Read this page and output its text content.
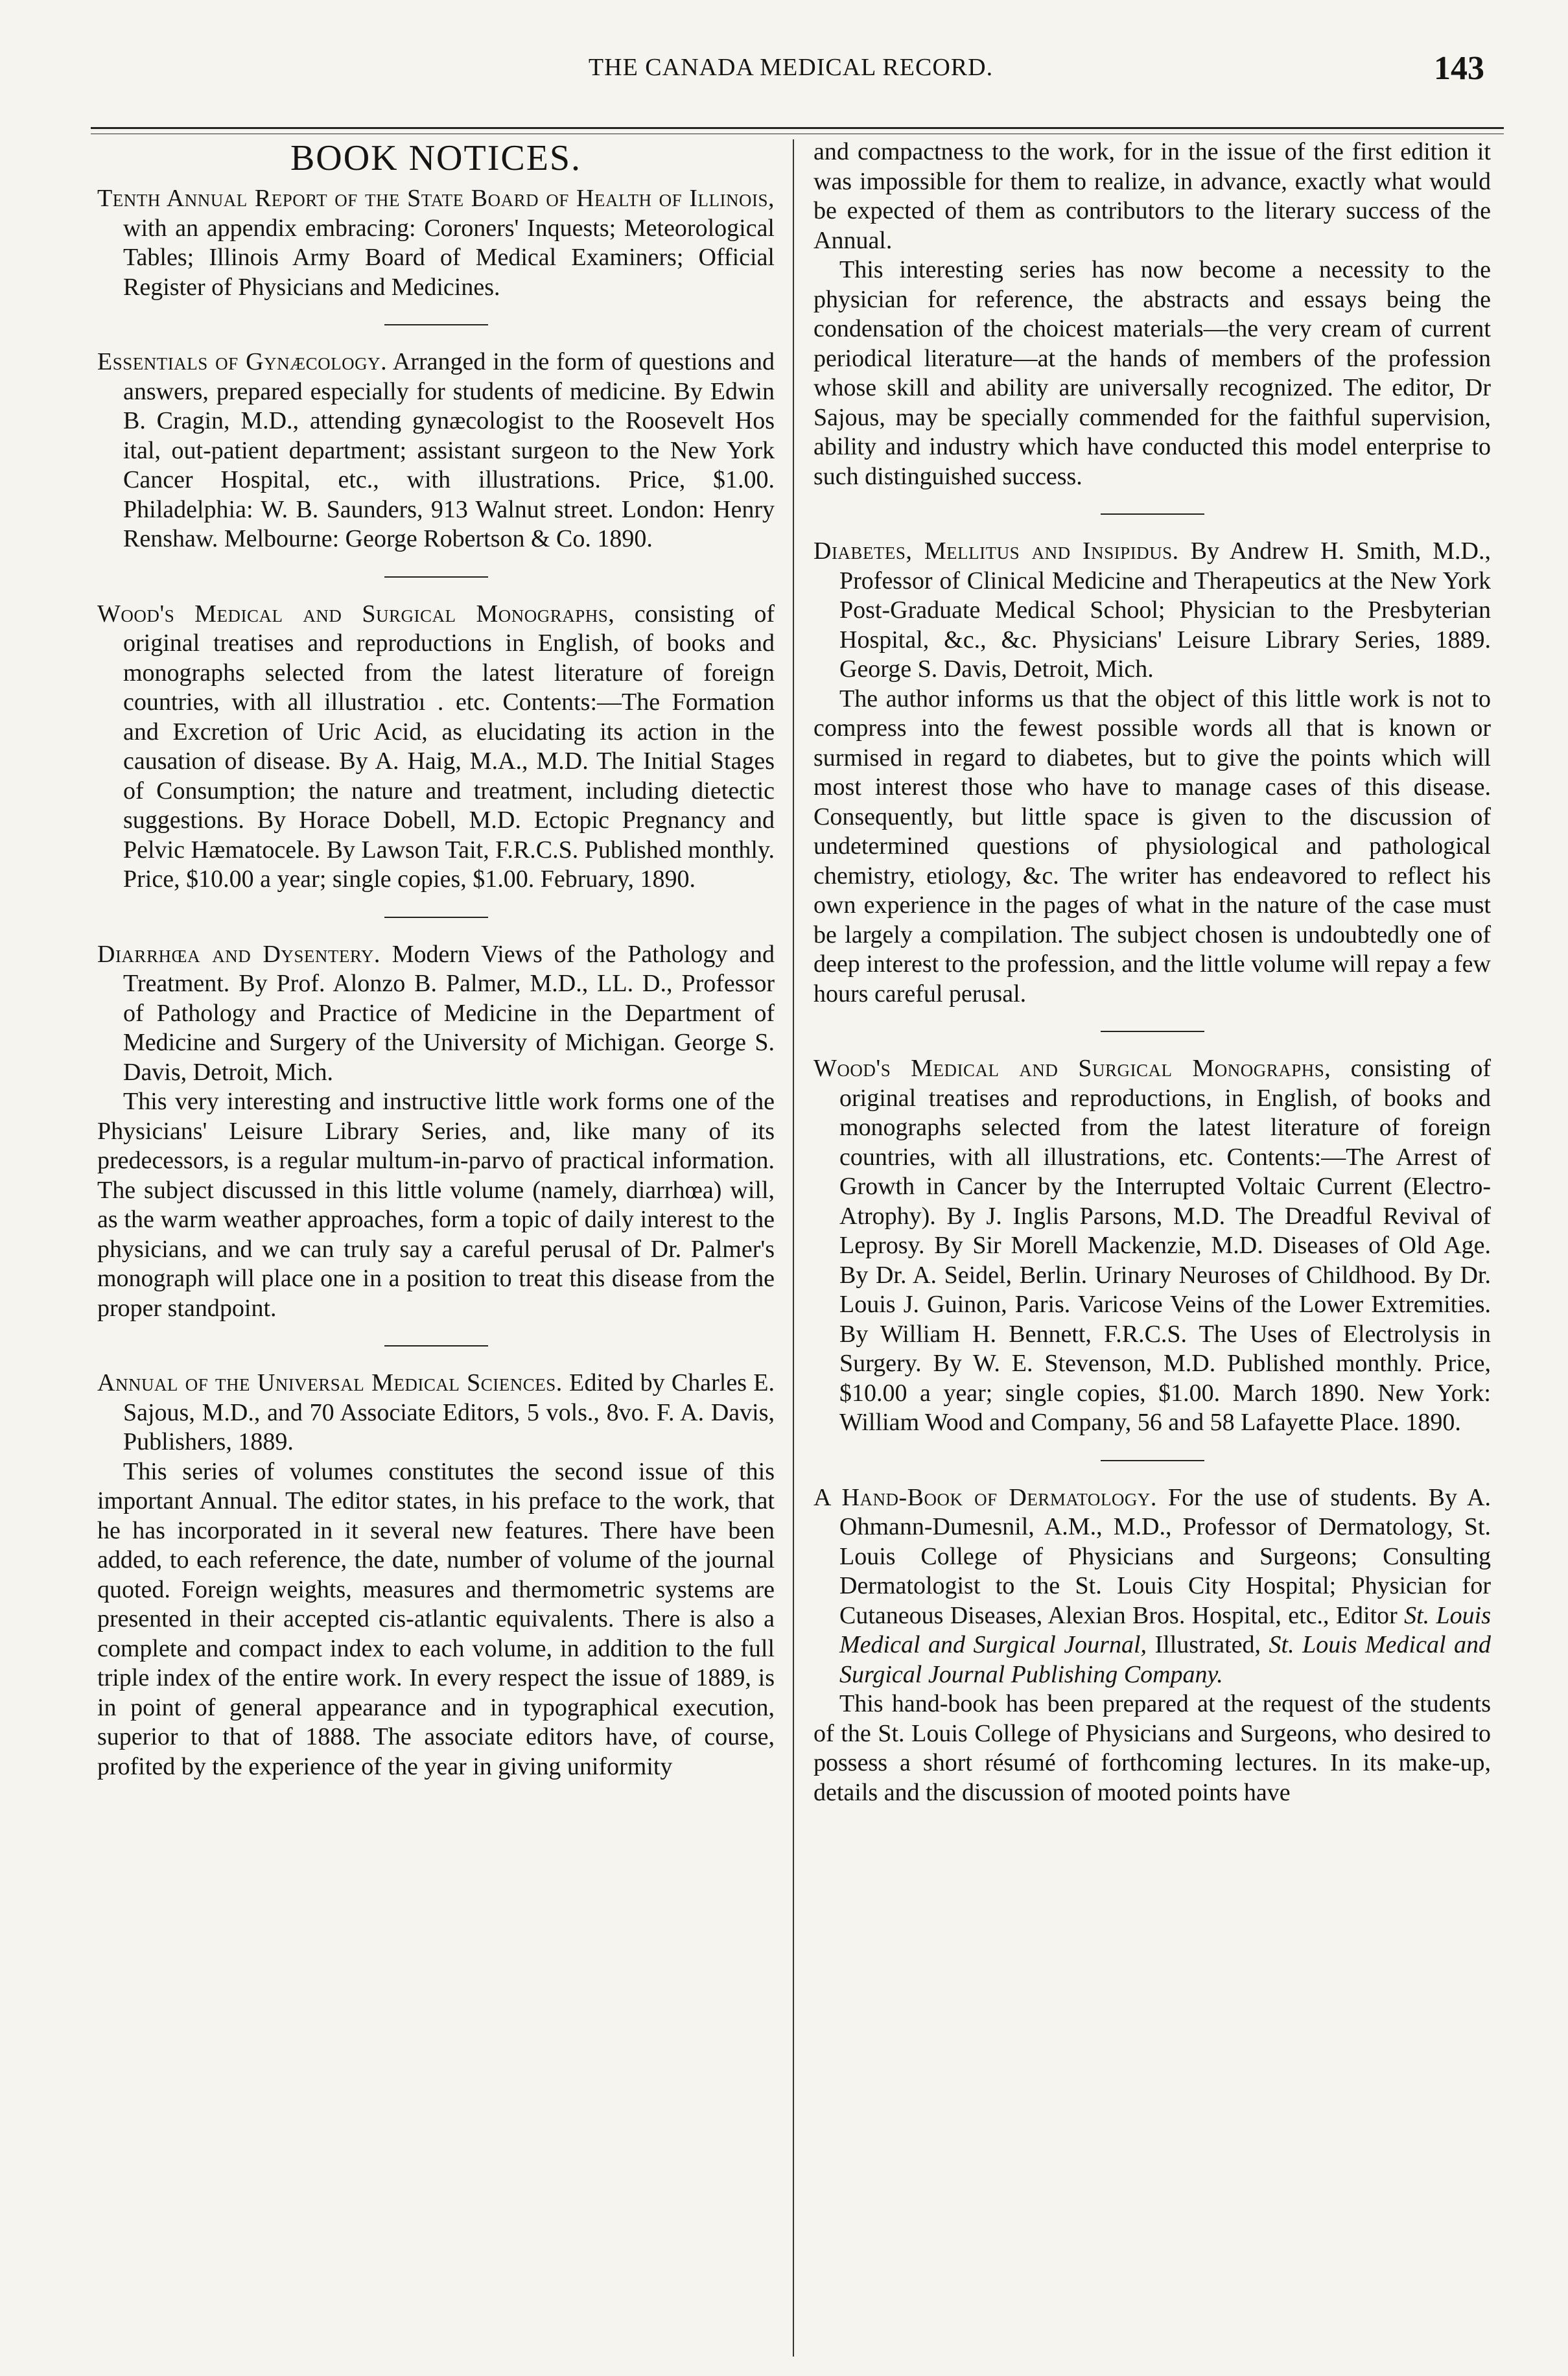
THE CANADA MEDICAL RECORD.	143
BOOK NOTICES.

Tenth Annual Report of the State Board of Health of Illinois, with an appendix embracing: Coroners' Inquests; Meteorological Tables; Illinois Army Board of Medical Examiners; Official Register of Physicians and Medicines.

Essentials of Gynæcology. Arranged in the form of questions and answers, prepared especially for students of medicine. By Edwin B. Cragin, M.D., attending gynæcologist to the Roosevelt Hos ital, out-patient department; assistant surgeon to the New York Cancer Hospital, etc., with illustrations. Price, $1.00. Philadelphia: W. B. Saunders, 913 Walnut street. London: Henry Renshaw. Melbourne: George Robertson & Co. 1890.

Wood's Medical and Surgical Monographs, consisting of original treatises and reproductions in English, of books and monographs selected from the latest literature of foreign countries, with all illustratioı . etc. Contents:—The Formation and Excretion of Uric Acid, as elucidating its action in the causation of disease. By A. Haig, M.A., M.D. The Initial Stages of Consumption; the nature and treatment, including dietectic suggestions. By Horace Dobell, M.D. Ectopic Pregnancy and Pelvic Hæmatocele. By Lawson Tait, F.R.C.S. Published monthly. Price, $10.00 a year; single copies, $1.00. February, 1890.

Diarrhœa and Dysentery. Modern Views of the Pathology and Treatment. By Prof. Alonzo B. Palmer, M.D., LL. D., Professor of Pathology and Practice of Medicine in the Department of Medicine and Surgery of the University of Michigan. George S. Davis, Detroit, Mich.

This very interesting and instructive little work forms one of the Physicians' Leisure Library Series, and, like many of its predecessors, is a regular multum-in-parvo of practical information. The subject discussed in this little volume (namely, diarrhœa) will, as the warm weather approaches, form a topic of daily interest to the physicians, and we can truly say a careful perusal of Dr. Palmer's monograph will place one in a position to treat this disease from the proper standpoint.

Annual of the Universal Medical Sciences. Edited by Charles E. Sajous, M.D., and 70 Associate Editors, 5 vols., 8vo. F. A. Davis, Publishers, 1889.

This series of volumes constitutes the second issue of this important Annual. The editor states, in his preface to the work, that he has incorporated in it several new features. There have been added, to each reference, the date, number of volume of the journal quoted. Foreign weights, measures and thermometric systems are presented in their accepted cis-atlantic equivalents. There is also a complete and compact index to each volume, in addition to the full triple index of the entire work. In every respect the issue of 1889, is in point of general appearance and in typographical execution, superior to that of 1888. The associate editors have, of course, profited by the experience of the year in giving uniformity

and compactness to the work, for in the issue of the first edition it was impossible for them to realize, in advance, exactly what would be expected of them as contributors to the literary success of the Annual.

This interesting series has now become a necessity to the physician for reference, the abstracts and essays being the condensation of the choicest materials—the very cream of current periodical literature—at the hands of members of the profession whose skill and ability are universally recognized. The editor, Dr Sajous, may be specially commended for the faithful supervision, ability and industry which have conducted this model enterprise to such distinguished success.

Diabetes, Mellitus and Insipidus. By Andrew H. Smith, M.D., Professor of Clinical Medicine and Therapeutics at the New York Post-Graduate Medical School; Physician to the Presbyterian Hospital, &c., &c. Physicians' Leisure Library Series, 1889. George S. Davis, Detroit, Mich.

The author informs us that the object of this little work is not to compress into the fewest possible words all that is known or surmised in regard to diabetes, but to give the points which will most interest those who have to manage cases of this disease. Consequently, but little space is given to the discussion of undetermined questions of physiological and pathological chemistry, etiology, &c. The writer has endeavored to reflect his own experience in the pages of what in the nature of the case must be largely a compilation. The subject chosen is undoubtedly one of deep interest to the profession, and the little volume will repay a few hours careful perusal.

Wood's Medical and Surgical Monographs, consisting of original treatises and reproductions, in English, of books and monographs selected from the latest literature of foreign countries, with all illustrations, etc. Contents:—The Arrest of Growth in Cancer by the Interrupted Voltaic Current (Electro-Atrophy). By J. Inglis Parsons, M.D. The Dreadful Revival of Leprosy. By Sir Morell Mackenzie, M.D. Diseases of Old Age. By Dr. A. Seidel, Berlin. Urinary Neuroses of Childhood. By Dr. Louis J. Guinon, Paris. Varicose Veins of the Lower Extremities. By William H. Bennett, F.R.C.S. The Uses of Electrolysis in Surgery. By W. E. Stevenson, M.D. Published monthly. Price, $10.00 a year; single copies, $1.00. March 1890. New York: William Wood and Company, 56 and 58 Lafayette Place. 1890.

A Hand-Book of Dermatology. For the use of students. By A. Ohmann-Dumesnil, A.M., M.D., Professor of Dermatology, St. Louis College of Physicians and Surgeons; Consulting Dermatologist to the St. Louis City Hospital; Physician for Cutaneous Diseases, Alexian Bros. Hospital, etc., Editor St. Louis Medical and Surgical Journal, Illustrated, St. Louis Medical and Surgical Journal Publishing Company.

This hand-book has been prepared at the request of the students of the St. Louis College of Physicians and Surgeons, who desired to possess a short résumé of forthcoming lectures. In its make-up, details and the discussion of mooted points have
